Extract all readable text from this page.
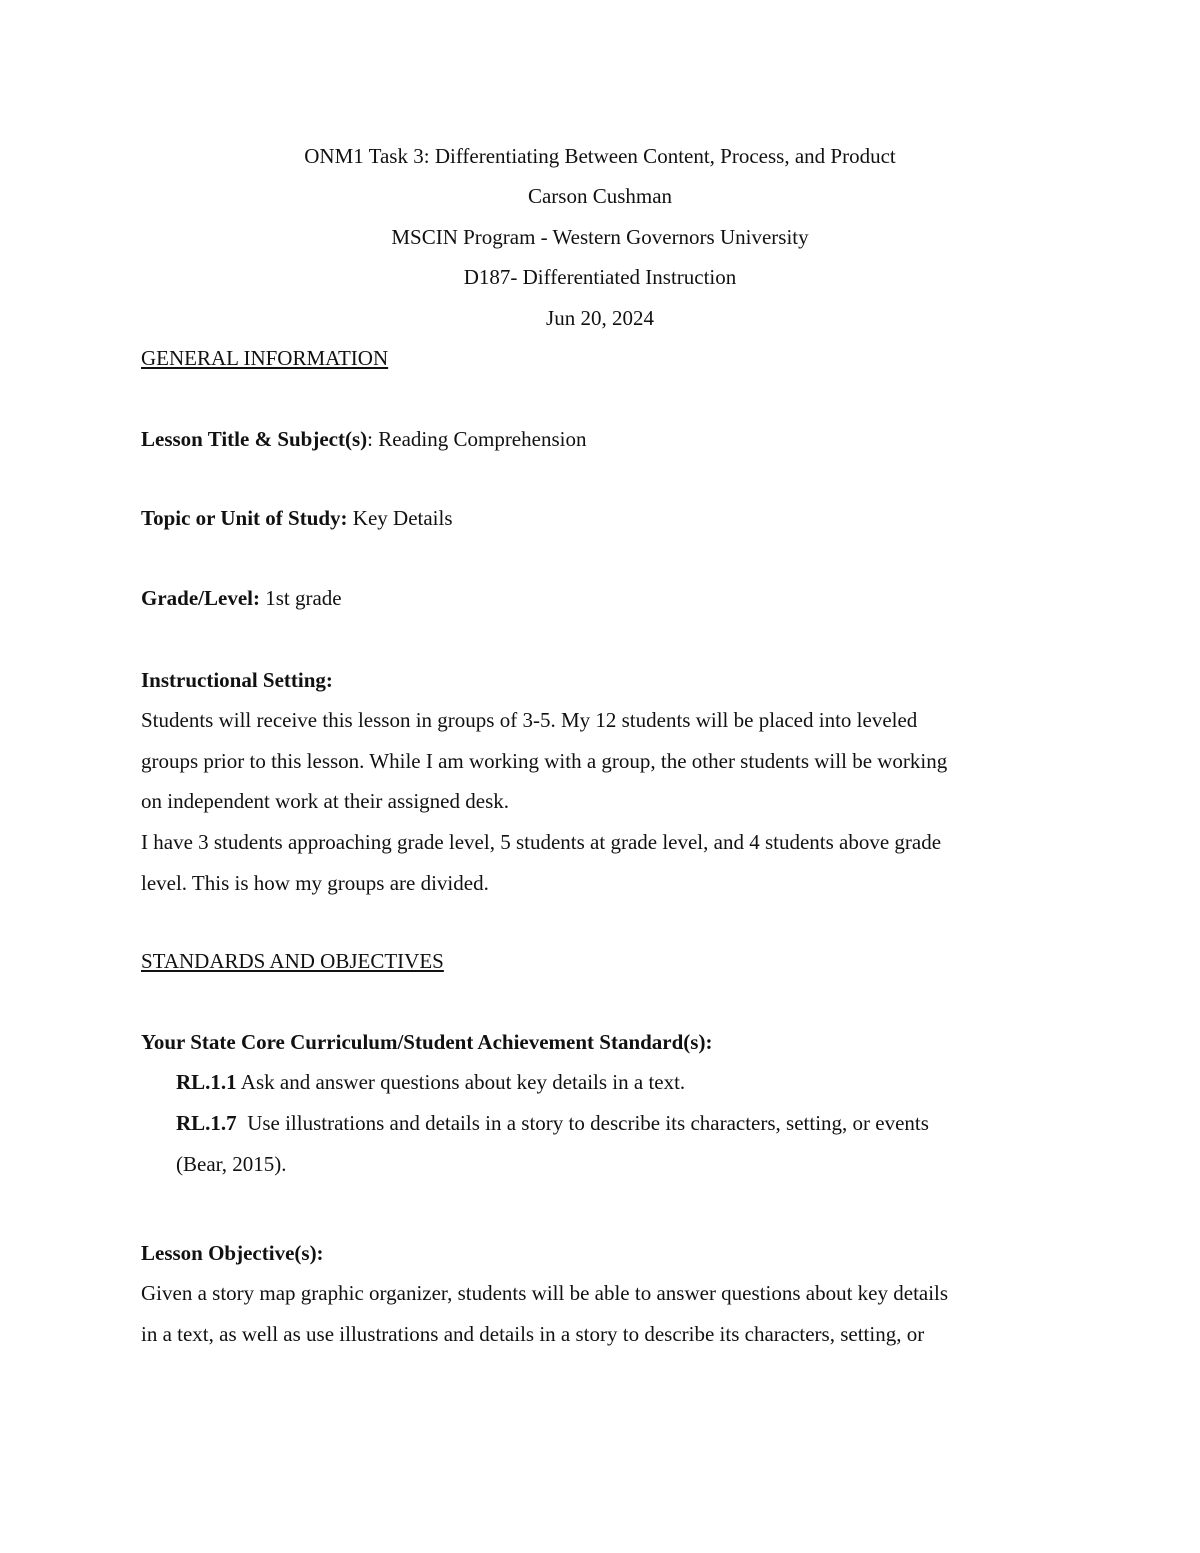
ONM1 Task 3: Differentiating Between Content, Process, and Product
Carson Cushman
MSCIN Program - Western Governors University
D187- Differentiated Instruction
Jun 20, 2024
GENERAL INFORMATION
Lesson Title & Subject(s): Reading Comprehension
Topic or Unit of Study: Key Details
Grade/Level: 1st grade
Instructional Setting:
Students will receive this lesson in groups of 3-5. My 12 students will be placed into leveled
groups prior to this lesson. While I am working with a group, the other students will be working
on independent work at their assigned desk.
I have 3 students approaching grade level, 5 students at grade level, and 4 students above grade
level. This is how my groups are divided.
STANDARDS AND OBJECTIVES
Your State Core Curriculum/Student Achievement Standard(s):
RL.1.1 Ask and answer questions about key details in a text.
RL.1.7  Use illustrations and details in a story to describe its characters, setting, or events
(Bear, 2015).
Lesson Objective(s):
Given a story map graphic organizer, students will be able to answer questions about key details
in a text, as well as use illustrations and details in a story to describe its characters, setting, or
